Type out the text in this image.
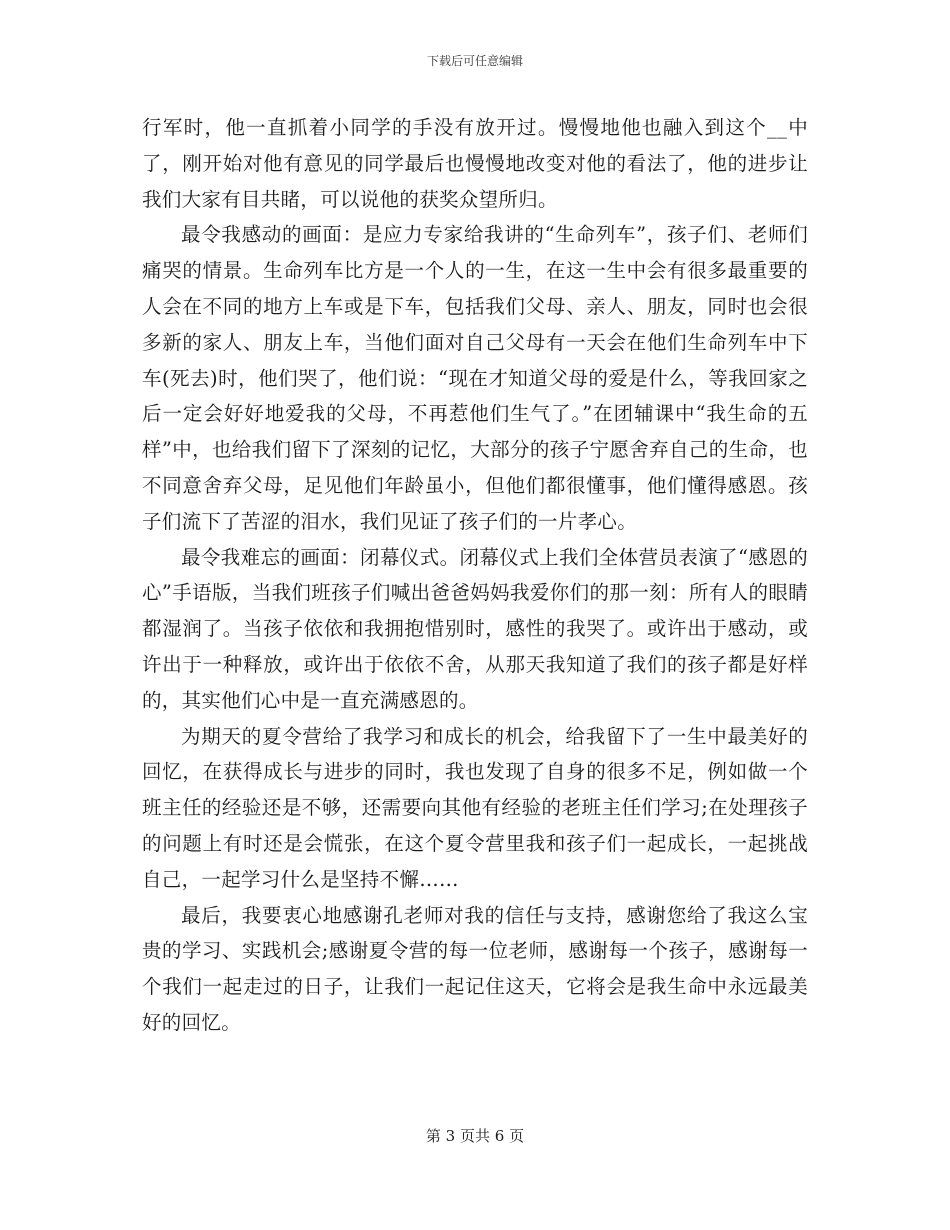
下载后可任意编辑

行军时，他一直抓着小同学的手没有放开过。慢慢地他也融入到这个__中了，刚开始对他有意见的同学最后也慢慢地改变对他的看法了，他的进步让我们大家有目共睹，可以说他的获奖众望所归。

最令我感动的画面：是应力专家给我讲的“生命列车”，孩子们、老师们痛哭的情景。生命列车比方是一个人的一生，在这一生中会有很多最重要的人会在不同的地方上车或是下车，包括我们父母、亲人、朋友，同时也会很多新的家人、朋友上车，当他们面对自己父母有一天会在他们生命列车中下车(死去)时，他们哭了，他们说：“现在才知道父母的爱是什么，等我回家之后一定会好好地爱我的父母，不再惹他们生气了。”在团辅课中“我生命的五样”中，也给我们留下了深刻的记忆，大部分的孩子宁愿舍弃自己的生命，也不同意舍弃父母，足见他们年龄虽小，但他们都很懂事，他们懂得感恩。孩子们流下了苦涩的泪水，我们见证了孩子们的一片孝心。

最令我难忘的画面：闭幕仪式。闭幕仪式上我们全体营员表演了“感恩的心”手语版，当我们班孩子们喊出爸爸妈妈我爱你们的那一刻：所有人的眼睛都湿润了。当孩子依依和我拥抱惜别时，感性的我哭了。或许出于感动，或许出于一种释放，或许出于依依不舍，从那天我知道了我们的孩子都是好样的，其实他们心中是一直充满感恩的。

为期天的夏令营给了我学习和成长的机会，给我留下了一生中最美好的回忆，在获得成长与进步的同时，我也发现了自身的很多不足，例如做一个班主任的经验还是不够，还需要向其他有经验的老班主任们学习;在处理孩子的问题上有时还是会慌张，在这个夏令营里我和孩子们一起成长，一起挑战自己，一起学习什么是坚持不懈……

最后，我要衷心地感谢孔老师对我的信任与支持，感谢您给了我这么宝贵的学习、实践机会;感谢夏令营的每一位老师，感谢每一个孩子，感谢每一个我们一起走过的日子，让我们一起记住这天，它将会是我生命中永远最美好的回忆。

第 3 页共 6 页
